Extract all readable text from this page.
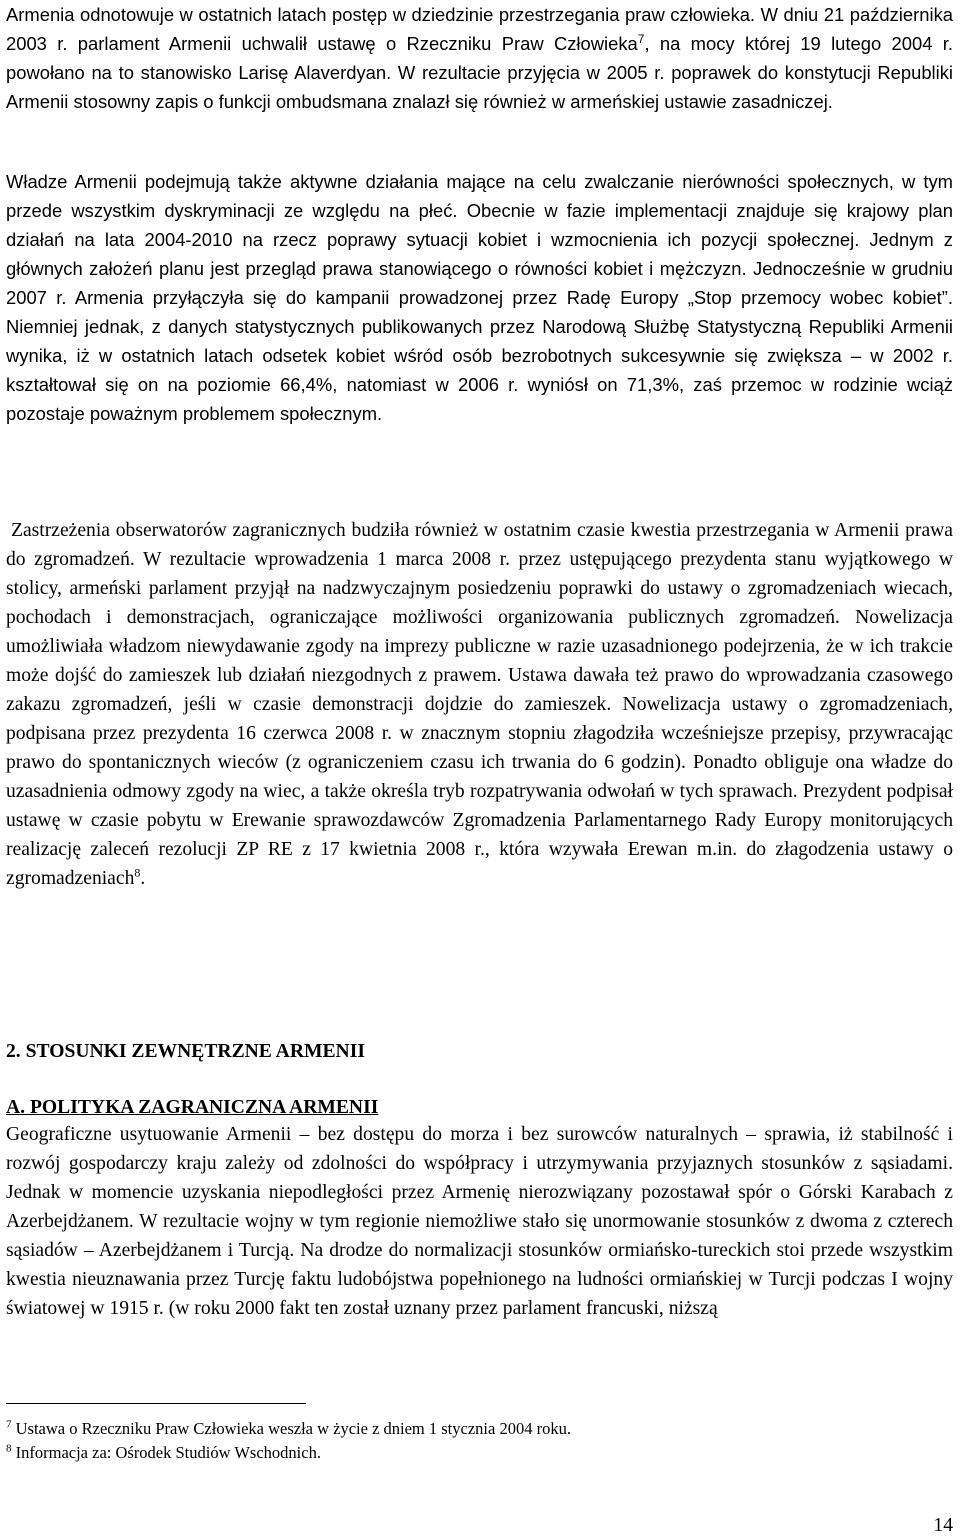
Armenia odnotowuje w ostatnich latach postęp w dziedzinie przestrzegania praw człowieka. W dniu 21 października 2003 r. parlament Armenii uchwalił ustawę o Rzeczniku Praw Człowieka$^7$, na mocy której 19 lutego 2004 r. powołano na to stanowisko Larisę Alaverdyan. W rezultacie przyjęcia w 2005 r. poprawek do konstytucji Republiki Armenii stosowny zapis o funkcji ombudsmana znalazł się również w armeńskiej ustawie zasadniczej.

Władze Armenii podejmują także aktywne działania mające na celu zwalczanie nierówności społecznych, w tym przede wszystkim dyskryminacji ze względu na płeć. Obecnie w fazie implementacji znajduje się krajowy plan działań na lata 2004-2010 na rzecz poprawy sytuacji kobiet i wzmocnienia ich pozycji społecznej. Jednym z głównych założeń planu jest przegląd prawa stanowiącego o równości kobiet i mężczyzn. Jednocześnie w grudniu 2007 r. Armenia przyłączyła się do kampanii prowadzonej przez Radę Europy „Stop przemocy wobec kobiet”. Niemniej jednak, z danych statystycznych publikowanych przez Narodową Służbę Statystyczną Republiki Armenii wynika, iż w ostatnich latach odsetek kobiet wśród osób bezrobotnych sukcesywnie się zwiększa – w 2002 r. kształtował się on na poziomie 66,4%, natomiast w 2006 r. wyniósł on 71,3%, zaś przemoc w rodzinie wciąż pozostaje poważnym problemem społecznym.

Zastrzeżenia obserwatorów zagranicznych budziła również w ostatnim czasie kwestia przestrzegania w Armenii prawa do zgromadzeń. W rezultacie wprowadzenia 1 marca 2008 r. przez ustępującego prezydenta stanu wyjątkowego w stolicy, armeński parlament przyjął na nadzwyczajnym posiedzeniu poprawki do ustawy o zgromadzeniach wiecach, pochodach i demonstracjach, ograniczające możliwości organizowania publicznych zgromadzeń. Nowelizacja umożliwiała władzom niewydawanie zgody na imprezy publiczne w razie uzasadnionego podejrzenia, że w ich trakcie może dojść do zamieszek lub działań niezgodnych z prawem. Ustawa dawała też prawo do wprowadzania czasowego zakazu zgromadzeń, jeśli w czasie demonstracji dojdzie do zamieszek. Nowelizacja ustawy o zgromadzeniach, podpisana przez prezydenta 16 czerwca 2008 r. w znacznym stopniu złagodziła wcześniejsze przepisy, przywracając prawo do spontanicznych wieców (z ograniczeniem czasu ich trwania do 6 godzin). Ponadto obliguje ona władze do uzasadnienia odmowy zgody na wiec, a także określa tryb rozpatrywania odwołań w tych sprawach. Prezydent podpisał ustawę w czasie pobytu w Erewanie sprawozdawców Zgromadzenia Parlamentarnego Rady Europy monitorujących realizację zaleceń rezolucji ZP RE z 17 kwietnia 2008 r., która wzywała Erewan m.in. do złagodzenia ustawy o zgromadzeniach$^8$.

2. STOSUNKI ZEWNĘTRZNE ARMENII
A. POLITYKA ZAGRANICZNA ARMENII

Geograficzne usytuowanie Armenii – bez dostępu do morza i bez surowców naturalnych – sprawia, iż stabilność i rozwój gospodarczy kraju zależy od zdolności do współpracy i utrzymywania przyjaznych stosunków z sąsiadami. Jednak w momencie uzyskania niepodległości przez Armenię nierozwiązany pozostawał spór o Górski Karabach z Azerbejdżanem. W rezultacie wojny w tym regionie niemożliwe stało się unormowanie stosunków z dwoma z czterech sąsiadów – Azerbejdżanem i Turcją. Na drodze do normalizacji stosunków ormiańsko-tureckich stoi przede wszystkim kwestia nieuznawania przez Turcję faktu ludobójstwa popełnionego na ludności ormiańskiej w Turcji podczas I wojny światowej w 1915 r. (w roku 2000 fakt ten został uznany przez parlament francuski, niższą

$^7$ Ustawa o Rzeczniku Praw Człowieka weszła w życie z dniem 1 stycznia 2004 roku.

$^8$ Informacja za: Ośrodek Studiów Wschodnich.

14
